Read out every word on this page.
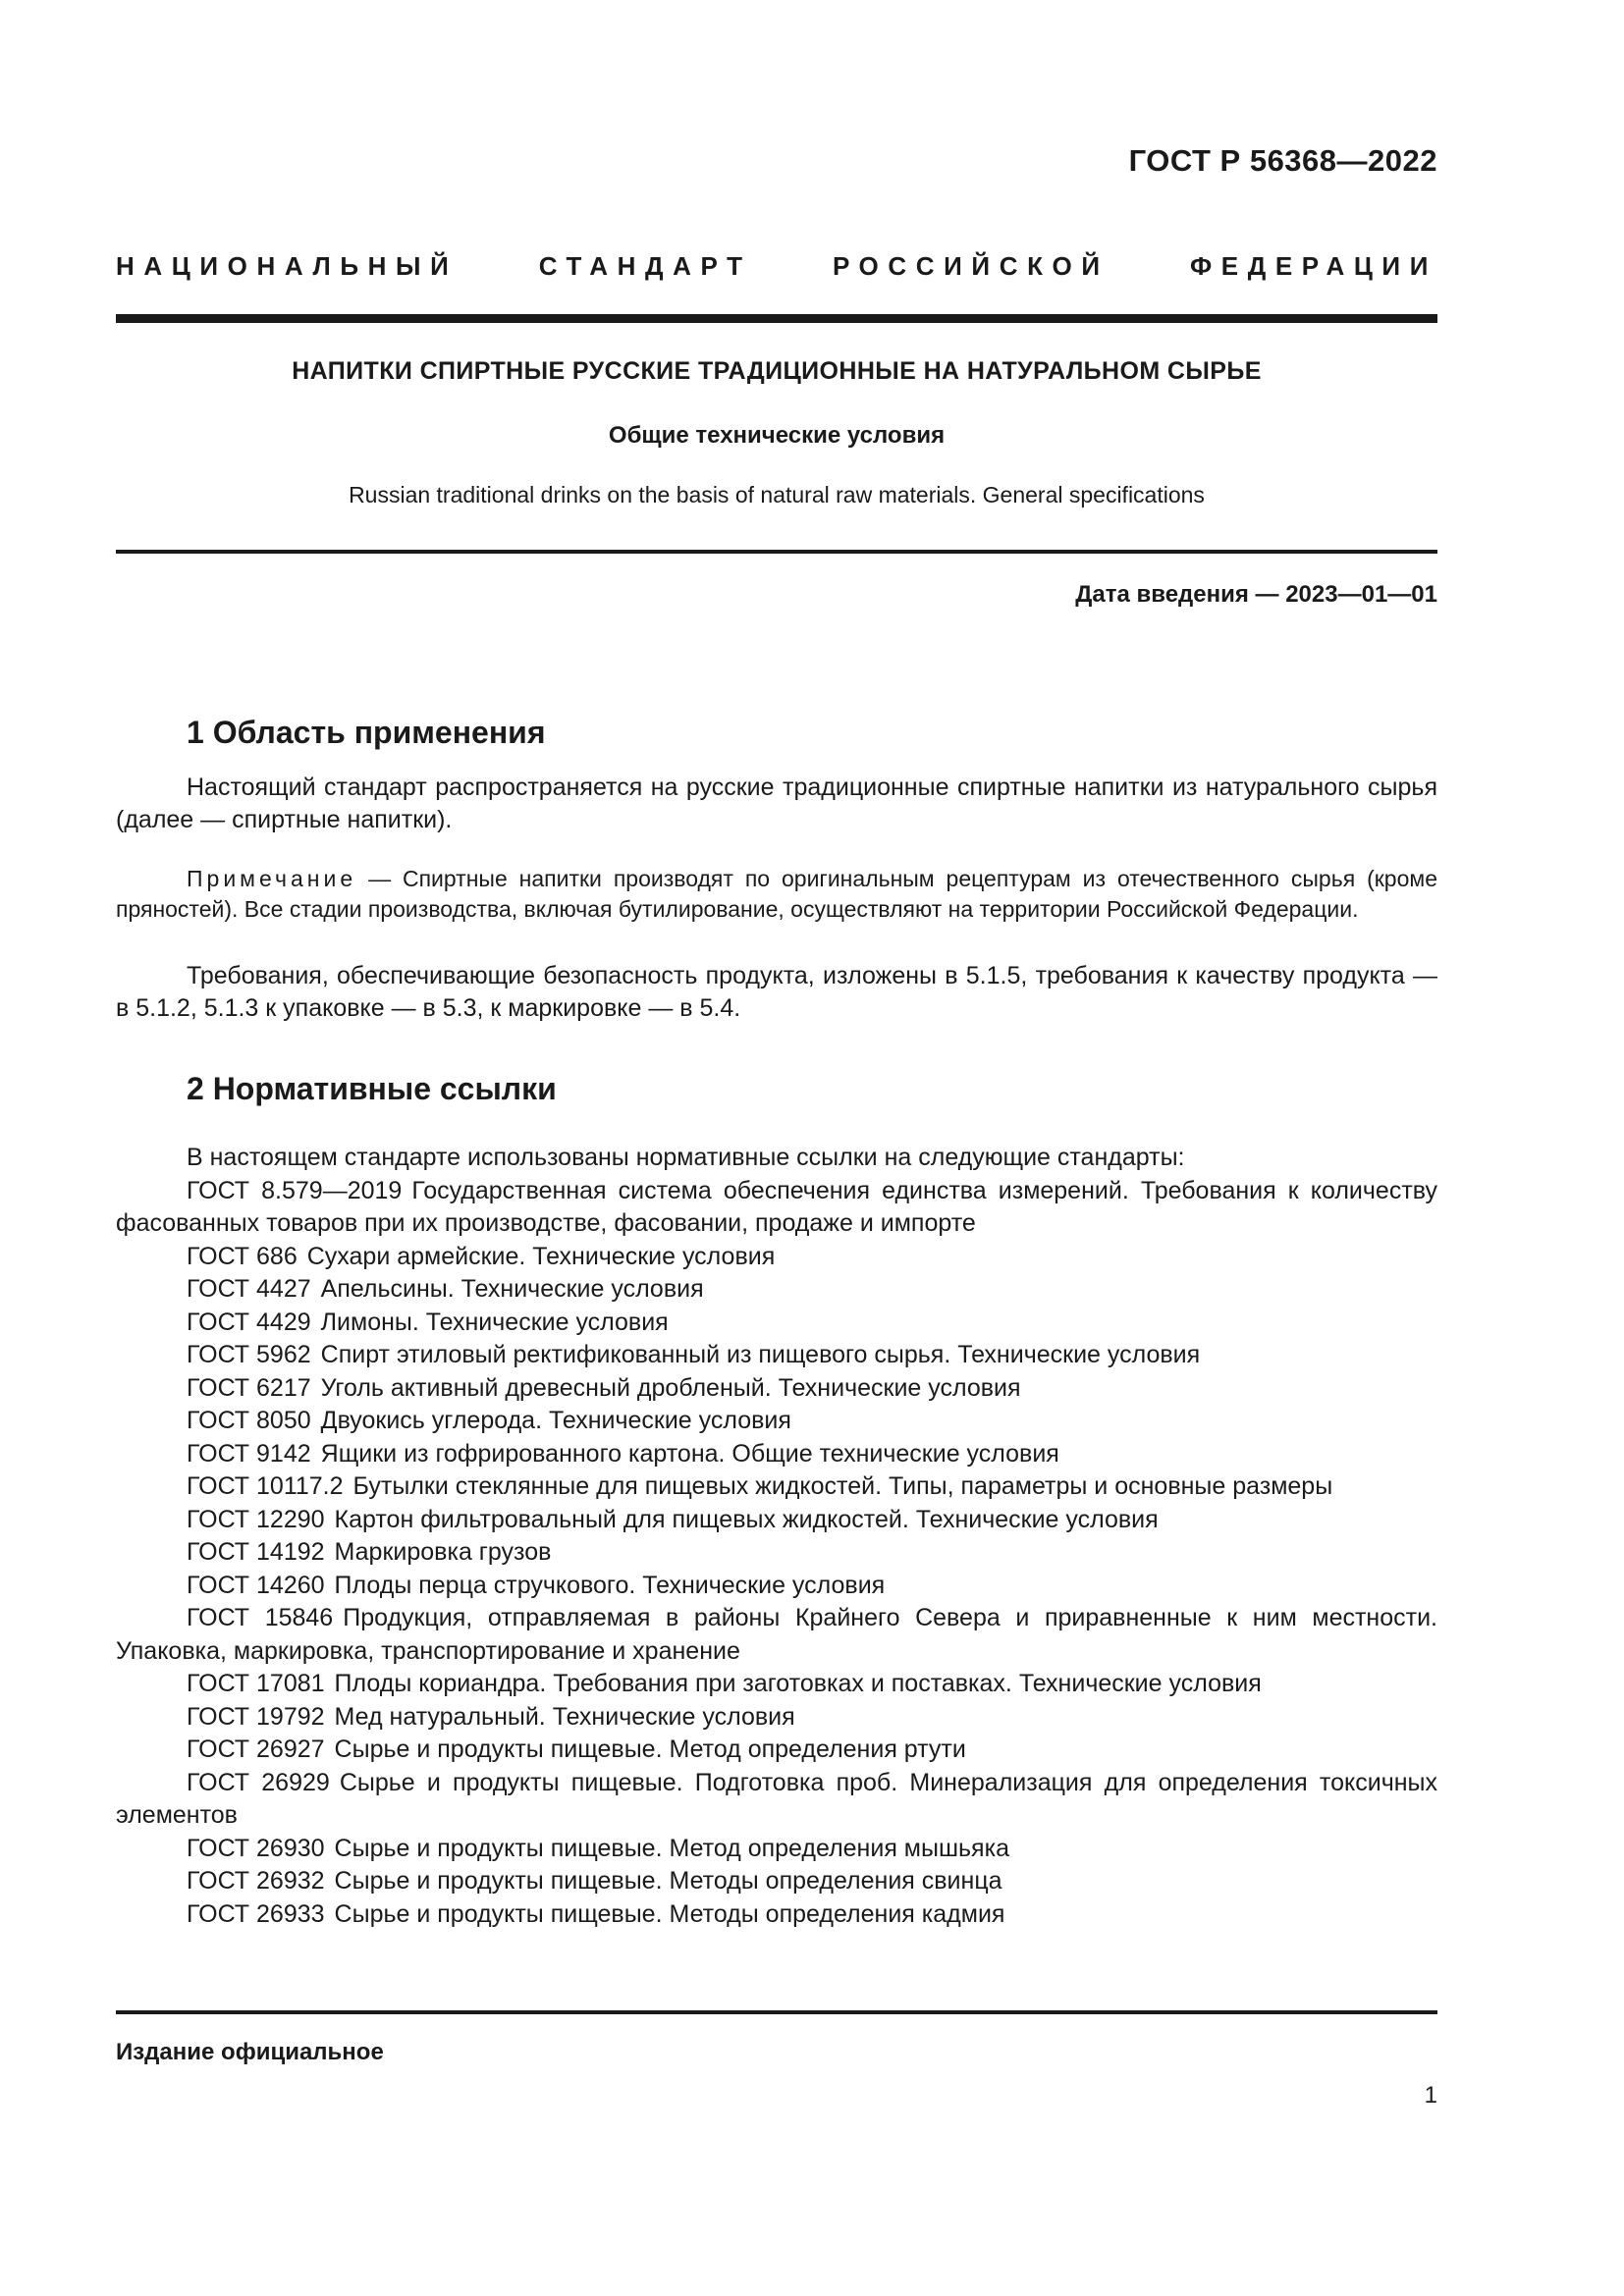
ГОСТ Р 56368—2022
НАЦИОНАЛЬНЫЙ СТАНДАРТ РОССИЙСКОЙ ФЕДЕРАЦИИ
НАПИТКИ СПИРТНЫЕ РУССКИЕ ТРАДИЦИОННЫЕ НА НАТУРАЛЬНОМ СЫРЬЕ
Общие технические условия
Russian traditional drinks on the basis of natural raw materials. General specifications
Дата введения — 2023—01—01
1 Область применения
Настоящий стандарт распространяется на русские традиционные спиртные напитки из натурального сырья (далее — спиртные напитки).
Примечание — Спиртные напитки производят по оригинальным рецептурам из отечественного сырья (кроме пряностей). Все стадии производства, включая бутилирование, осуществляют на территории Российской Федерации.
Требования, обеспечивающие безопасность продукта, изложены в 5.1.5, требования к качеству продукта — в 5.1.2, 5.1.3 к упаковке — в 5.3, к маркировке — в 5.4.
2 Нормативные ссылки
В настоящем стандарте использованы нормативные ссылки на следующие стандарты:
ГОСТ 8.579—2019 Государственная система обеспечения единства измерений. Требования к количеству фасованных товаров при их производстве, фасовании, продаже и импорте
ГОСТ 686 Сухари армейские. Технические условия
ГОСТ 4427 Апельсины. Технические условия
ГОСТ 4429 Лимоны. Технические условия
ГОСТ 5962 Спирт этиловый ректификованный из пищевого сырья. Технические условия
ГОСТ 6217 Уголь активный древесный дробленый. Технические условия
ГОСТ 8050 Двуокись углерода. Технические условия
ГОСТ 9142 Ящики из гофрированного картона. Общие технические условия
ГОСТ 10117.2 Бутылки стеклянные для пищевых жидкостей. Типы, параметры и основные размеры
ГОСТ 12290 Картон фильтровальный для пищевых жидкостей. Технические условия
ГОСТ 14192 Маркировка грузов
ГОСТ 14260 Плоды перца стручкового. Технические условия
ГОСТ 15846 Продукция, отправляемая в районы Крайнего Севера и приравненные к ним местности. Упаковка, маркировка, транспортирование и хранение
ГОСТ 17081 Плоды кориандра. Требования при заготовках и поставках. Технические условия
ГОСТ 19792 Мед натуральный. Технические условия
ГОСТ 26927 Сырье и продукты пищевые. Метод определения ртути
ГОСТ 26929 Сырье и продукты пищевые. Подготовка проб. Минерализация для определения токсичных элементов
ГОСТ 26930 Сырье и продукты пищевые. Метод определения мышьяка
ГОСТ 26932 Сырье и продукты пищевые. Методы определения свинца
ГОСТ 26933 Сырье и продукты пищевые. Методы определения кадмия
Издание официальное
1
